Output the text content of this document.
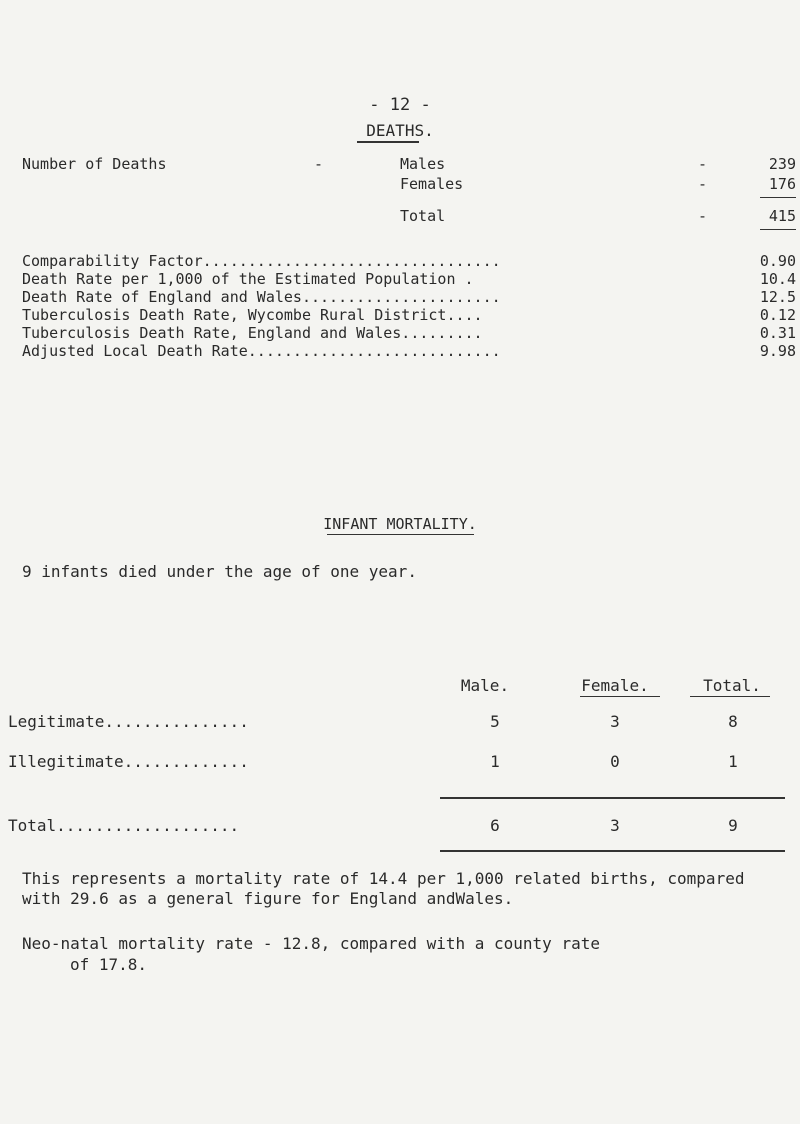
- 12 -
DEATHS.
Number of Deaths	-	Males	-	239
Females	-	176
Total	-	415
Comparability Factor.................................	0.90
Death Rate per 1,000 of the Estimated Population .	10.4
Death Rate of England and Wales......................	12.5
Tuberculosis Death Rate, Wycombe Rural District....	0.12
Tuberculosis Death Rate, England and Wales.........	0.31
Adjusted Local Death Rate............................	9.98
INFANT MORTALITY.
9 infants died under the age of one year.
Male.	Female.	Total.
Legitimate...............	5	3	8
Illegitimate.............	1	0	1
Total...................	6	3	9
This represents a mortality rate of 14.4 per 1,000 related births, compared with 29.6 as a general figure for England andWales.
Neo-natal mortality rate - 12.8, compared with a county rate
of 17.8.
